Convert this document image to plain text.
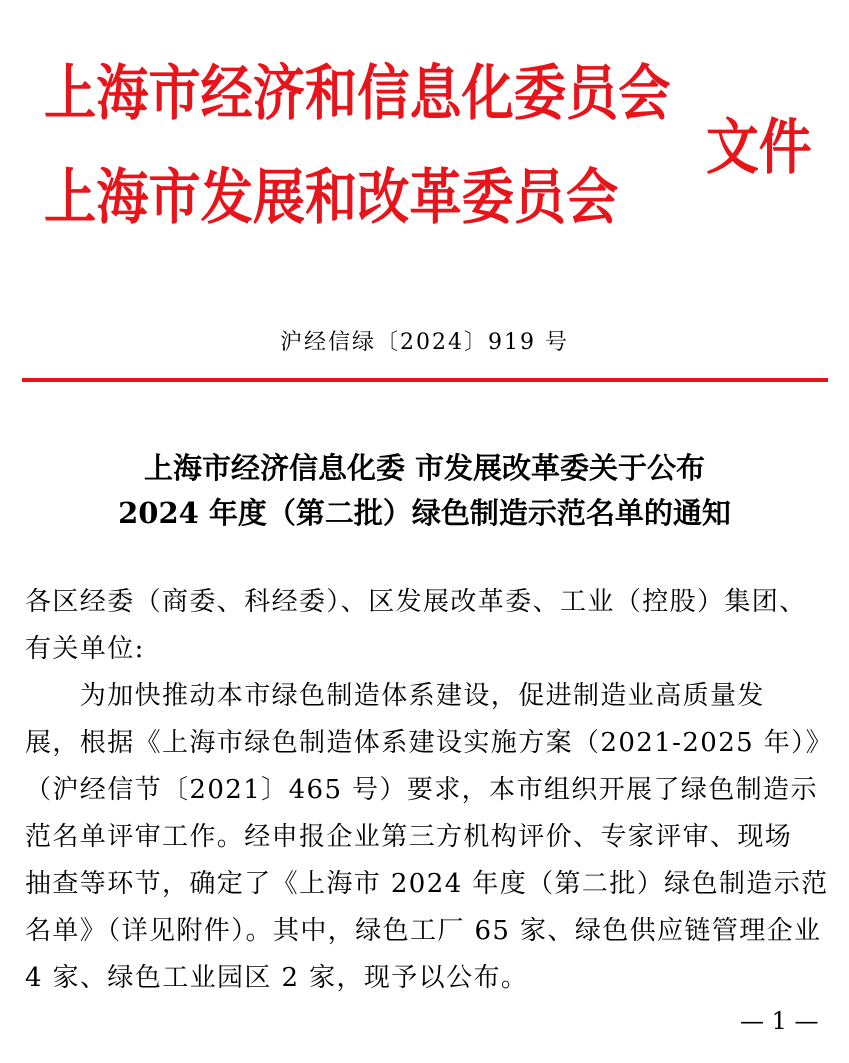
上海市经济和信息化委员会
上海市发展和改革委员会
文件
沪经信绿〔2024〕919 号
上海市经济信息化委 市发展改革委关于公布
2024 年度（第二批）绿色制造示范名单的通知
各区经委（商委、科经委）、区发展改革委、工业（控股）集团、
有关单位:
　　为加快推动本市绿色制造体系建设，促进制造业高质量发
展，根据《上海市绿色制造体系建设实施方案（2021-2025 年）》
（沪经信节〔2021〕465 号）要求，本市组织开展了绿色制造示
范名单评审工作。经申报企业第三方机构评价、专家评审、现场
抽查等环节，确定了《上海市 2024 年度（第二批）绿色制造示范
名单》（详见附件）。其中，绿色工厂 65 家、绿色供应链管理企业
4 家、绿色工业园区 2 家，现予以公布。
— 1 —
